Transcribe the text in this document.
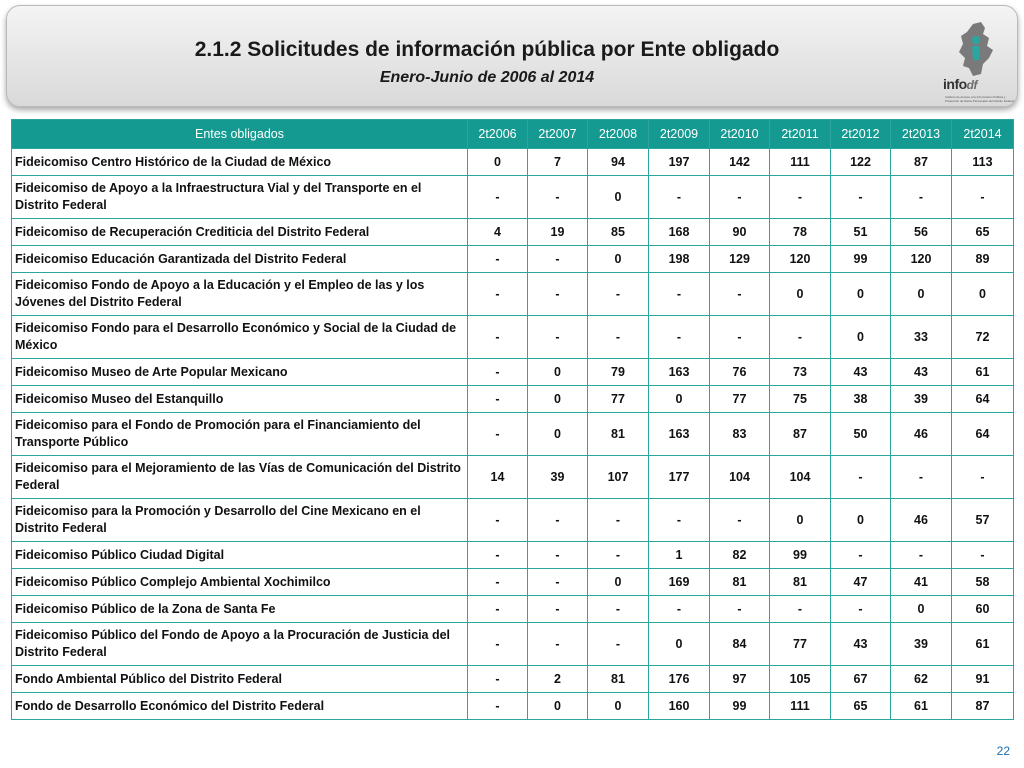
2.1.2 Solicitudes de información pública por Ente obligado
Enero-Junio de 2006 al 2014	infodf
Instituto de Acceso a la Información Pública y Protección de Datos Personales del Distrito Federal
Entes obligados	2t2006	2t2007	2t2008	2t2009	2t2010	2t2011	2t2012	2t2013	2t2014
Fideicomiso Centro Histórico de la Ciudad de México	0	7	94	197	142	111	122	87	113
Fideicomiso de Apoyo a la Infraestructura Vial y del Transporte en el Distrito Federal	-	-	0	-	-	-	-	-	-
Fideicomiso de Recuperación Crediticia del Distrito Federal	4	19	85	168	90	78	51	56	65
Fideicomiso Educación Garantizada del Distrito Federal	-	-	0	198	129	120	99	120	89
Fideicomiso Fondo de Apoyo a la Educación y el Empleo de las y los Jóvenes del Distrito Federal	-	-	-	-	-	0	0	0	0
Fideicomiso Fondo para el Desarrollo Económico y Social de la Ciudad de México	-	-	-	-	-	-	0	33	72
Fideicomiso Museo de Arte Popular Mexicano	-	0	79	163	76	73	43	43	61
Fideicomiso Museo del Estanquillo	-	0	77	0	77	75	38	39	64
Fideicomiso para el Fondo de Promoción para el Financiamiento del Transporte Público	-	0	81	163	83	87	50	46	64
Fideicomiso para el Mejoramiento de las Vías de Comunicación del Distrito Federal	14	39	107	177	104	104	-	-	-
Fideicomiso para la Promoción y Desarrollo del Cine Mexicano en el Distrito Federal	-	-	-	-	-	0	0	46	57
Fideicomiso Público Ciudad Digital	-	-	-	1	82	99	-	-	-
Fideicomiso Público Complejo Ambiental Xochimilco	-	-	0	169	81	81	47	41	58
Fideicomiso Público de la Zona de Santa Fe	-	-	-	-	-	-	-	0	60
Fideicomiso Público del Fondo de Apoyo a la Procuración de Justicia del Distrito Federal	-	-	-	0	84	77	43	39	61
Fondo Ambiental Público del Distrito Federal	-	2	81	176	97	105	67	62	91
Fondo de Desarrollo Económico del Distrito Federal	-	0	0	160	99	111	65	61	87
22
